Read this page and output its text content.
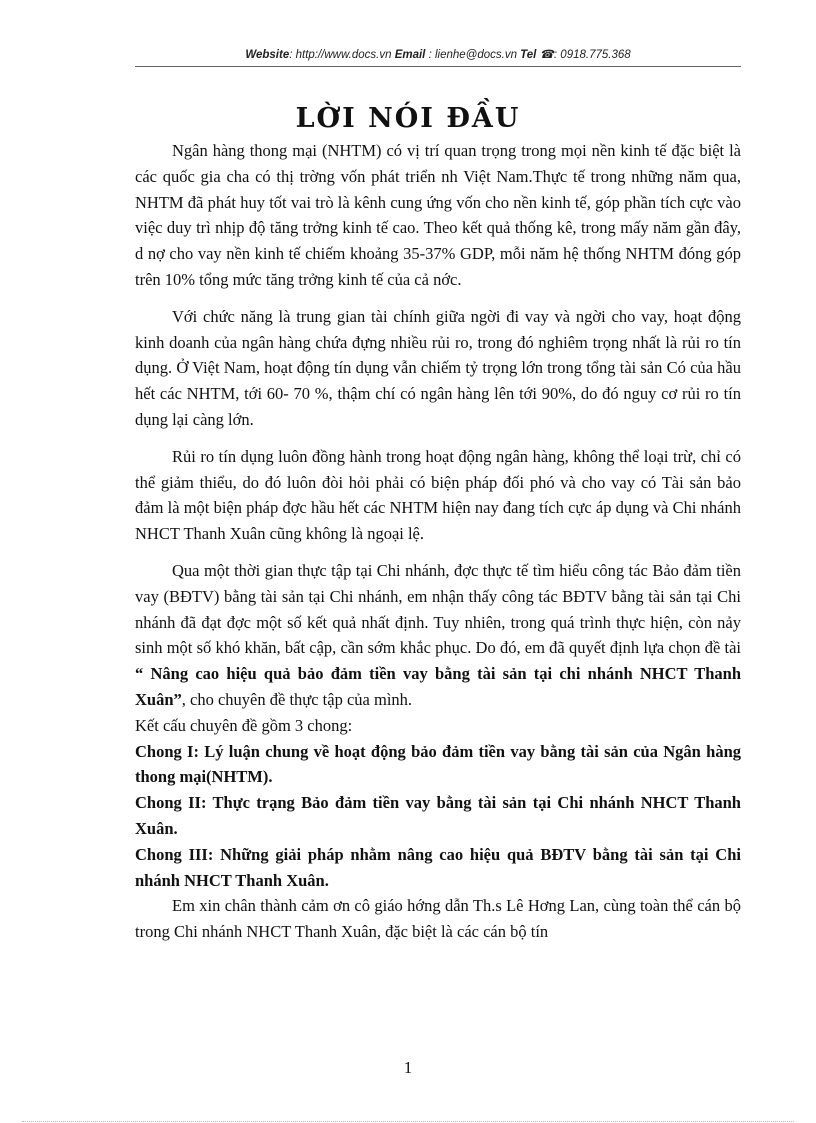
Website: http://www.docs.vn Email : lienhe@docs.vn Tel ☎: 0918.775.368
LỜI NÓI ĐẦU

Ngân hàng thong mại (NHTM) có vị trí quan trọng trong mọi nền kinh tế đặc biệt là các quốc gia cha có thị trờng vốn phát triển nh Việt Nam.Thực tế trong những năm qua, NHTM đã phát huy tốt vai trò là kênh cung ứng vốn cho nền kinh tế, góp phần tích cực vào việc duy trì nhịp độ tăng trởng kinh tế cao. Theo kết quả thống kê, trong mấy năm gần đây, d nợ cho vay nền kinh tế chiếm khoảng 35-37% GDP, mỗi năm hệ thống NHTM đóng góp trên 10% tổng mức tăng trởng kinh tế của cả nớc.

Với chức năng là trung gian tài chính giữa ngời đi vay và ngời cho vay, hoạt động kinh doanh của ngân hàng chứa đựng nhiều rủi ro, trong đó nghiêm trọng nhất là rủi ro tín dụng. Ở Việt Nam, hoạt động tín dụng vẫn chiếm tỷ trọng lớn trong tổng tài sản Có của hầu hết các NHTM, tới 60- 70 %, thậm chí có ngân hàng lên tới 90%, do đó nguy cơ rủi ro tín dụng lại càng lớn.

Rủi ro tín dụng luôn đồng hành trong hoạt động ngân hàng, không thể loại trừ, chỉ có thể giảm thiểu, do đó luôn đòi hỏi phải có biện pháp đối phó và cho vay có Tài sản bảo đảm là một biện pháp đợc hầu hết các NHTM hiện nay đang tích cực áp dụng và Chi nhánh NHCT Thanh Xuân cũng không là ngoại lệ.

Qua một thời gian thực tập tại Chi nhánh, đợc thực tế tìm hiểu công tác Bảo đảm tiền vay (BĐTV) bằng tài sản tại Chi nhánh, em nhận thấy công tác BĐTV bằng tài sản tại Chi nhánh đã đạt đợc một số kết quả nhất định. Tuy nhiên, trong quá trình thực hiện, còn nảy sinh một số khó khăn, bất cập, cần sớm khắc phục. Do đó, em đã quyết định lựa chọn đề tài “ Nâng cao hiệu quả bảo đảm tiền vay bằng tài sản tại chi nhánh NHCT Thanh Xuân”, cho chuyên đề thực tập của mình.

Kết cấu chuyên đề gồm 3 chong:

Chong I: Lý luận chung về hoạt động bảo đảm tiền vay bằng tài sản của Ngân hàng thong mại(NHTM).

Chong II: Thực trạng Bảo đảm tiền vay bằng tài sản tại Chi nhánh NHCT Thanh Xuân.

Chong III: Những giải pháp nhằm nâng cao hiệu quả BĐTV bằng tài sản tại Chi nhánh NHCT Thanh Xuân.

Em xin chân thành cảm ơn cô giáo hớng dẫn Th.s Lê Hơng Lan, cùng toàn thể cán bộ trong Chi nhánh NHCT Thanh Xuân, đặc biệt là các cán bộ tín

1
